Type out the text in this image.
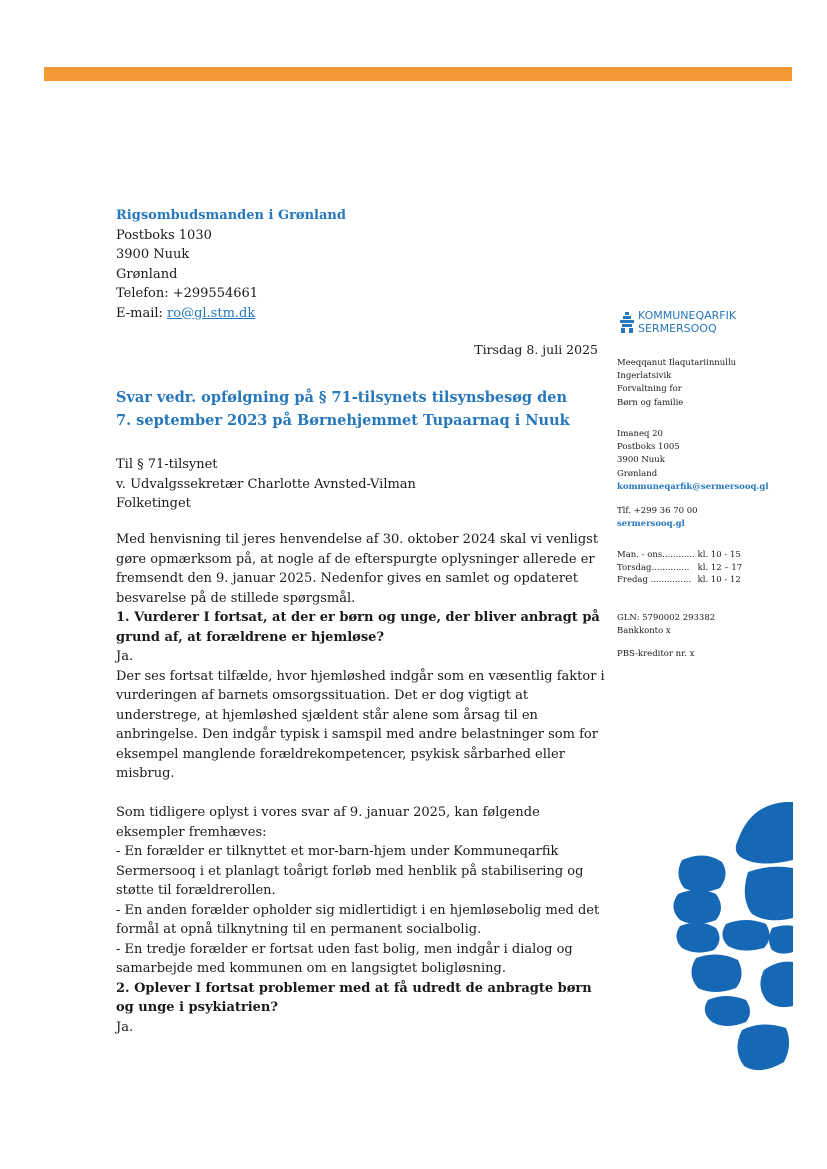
Rigsombudsmanden i Grønland
Postboks 1030
3900 Nuuk
Grønland
Telefon: +299554661
E-mail: ro@gl.stm.dk	KOMMUNEQARFIK
SERMERSOOQ
Tirsdag 8. juli 2025
Svar vedr. opfølgning på § 71-tilsynets tilsynsbesøg den 7. september 2023 på Børnehjemmet Tupaarnaq i Nuuk
Til § 71-tilsynet
v. Udvalgssekretær Charlotte Avnsted-Vilman
Folketinget

Med henvisning til jeres henvendelse af 30. oktober 2024 skal vi venligst gøre opmærksom på, at nogle af de efterspurgte oplysninger allerede er fremsendt den 9. januar 2025. Nedenfor gives en samlet og opdateret besvarelse på de stillede spørgsmål.

1. Vurderer I fortsat, at der er børn og unge, der bliver anbragt på grund af, at forældrene er hjemløse?

Ja.

Der ses fortsat tilfælde, hvor hjemløshed indgår som en væsentlig faktor i vurderingen af barnets omsorgssituation. Det er dog vigtigt at understrege, at hjemløshed sjældent står alene som årsag til en anbringelse. Den indgår typisk i samspil med andre belastninger som for eksempel manglende forældrekompetencer, psykisk sårbarhed eller misbrug.

Som tidligere oplyst i vores svar af 9. januar 2025, kan følgende eksempler fremhæves:

- En forælder er tilknyttet et mor-barn-hjem under Kommuneqarfik Sermersooq i et planlagt toårigt forløb med henblik på stabilisering og støtte til forældrerollen.

- En anden forælder opholder sig midlertidigt i en hjemløsebolig med det formål at opnå tilknytning til en permanent socialbolig.

- En tredje forælder er fortsat uden fast bolig, men indgår i dialog og samarbejde med kommunen om en langsigtet boligløsning.

2. Oplever I fortsat problemer med at få udredt de anbragte børn og unge i psykiatrien?

Ja.

Meeqqanut Ilaqutariinnullu
Ingerlatsivik
Forvaltning for
Børn og familie
Imaneq 20
Postboks 1005
3900 Nuuk
Grønland
kommuneqarfik@sermersooq.gl
Tlf. +299 36 70 00
sermersooq.gl
Man. - ons............	kl. 10 - 15
Torsdag..............	kl. 12 – 17
Fredag ...............	kl. 10 - 12
GLN: 5790002 293382
Bankkonto x
PBS-kreditor nr. x
